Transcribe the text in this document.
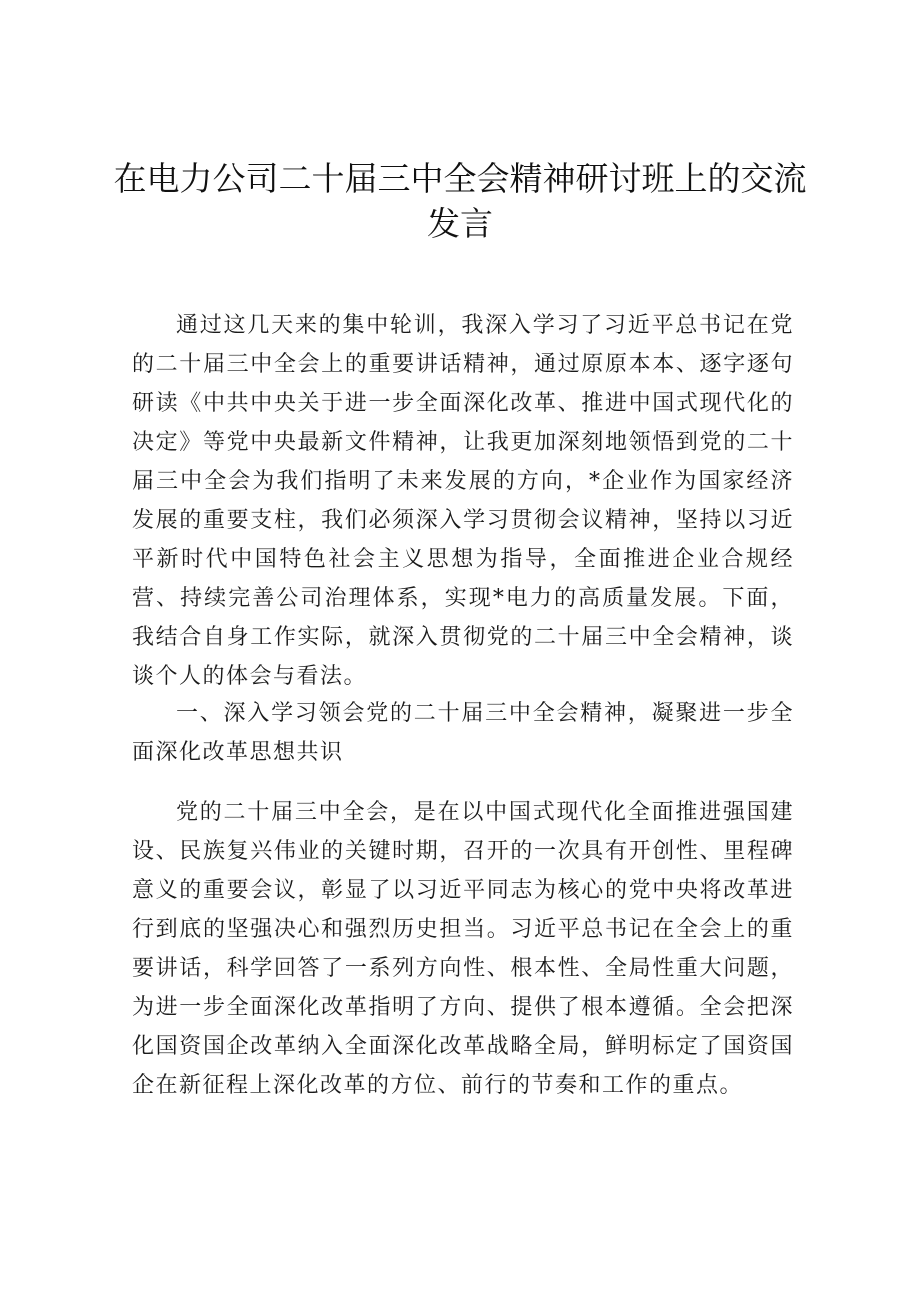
在电力公司二十届三中全会精神研讨班上的交流发言

通过这几天来的集中轮训，我深入学习了习近平总书记在党的二十届三中全会上的重要讲话精神，通过原原本本、逐字逐句研读《中共中央关于进一步全面深化改革、推进中国式现代化的决定》等党中央最新文件精神，让我更加深刻地领悟到党的二十届三中全会为我们指明了未来发展的方向，*企业作为国家经济发展的重要支柱，我们必须深入学习贯彻会议精神，坚持以习近平新时代中国特色社会主义思想为指导，全面推进企业合规经营、持续完善公司治理体系，实现*电力的高质量发展。下面，我结合自身工作实际，就深入贯彻党的二十届三中全会精神，谈谈个人的体会与看法。

一、深入学习领会党的二十届三中全会精神，凝聚进一步全面深化改革思想共识

党的二十届三中全会，是在以中国式现代化全面推进强国建设、民族复兴伟业的关键时期，召开的一次具有开创性、里程碑意义的重要会议，彰显了以习近平同志为核心的党中央将改革进行到底的坚强决心和强烈历史担当。习近平总书记在全会上的重要讲话，科学回答了一系列方向性、根本性、全局性重大问题，为进一步全面深化改革指明了方向、提供了根本遵循。全会把深化国资国企改革纳入全面深化改革战略全局，鲜明标定了国资国企在新征程上深化改革的方位、前行的节奏和工作的重点。
